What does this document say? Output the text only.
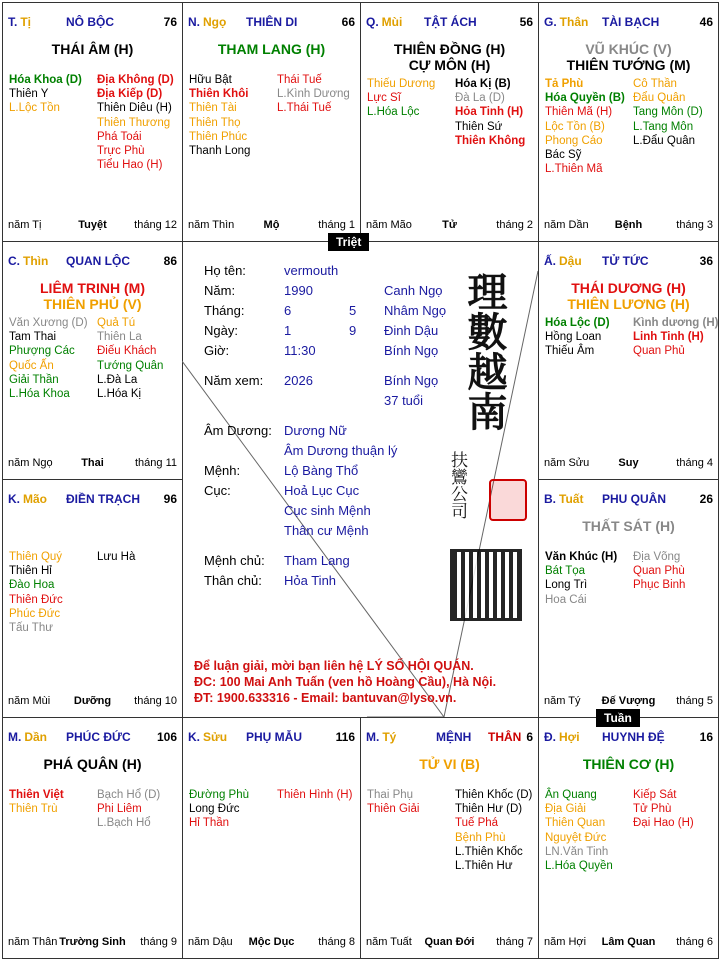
T. Tị	NÔ BỘC	76
THÁI ÂM (H)
Hóa Khoa (D)
Thiên Y
L.Lộc Tồn
Địa Không (D)
Địa Kiếp (D)
Thiên Diêu (H)
Thiên Thương
Phá Toái
Trực Phù
Tiểu Hao (H)
năm Tị	Tuyệt	tháng 12
N. Ngọ THIÊN DI	66
THAM LANG (H)
Hữu Bật
Thiên Khôi
Thiên Tài
Thiên Thọ
Thiên Phúc
Thanh Long
Thái Tuế
L.Kình Dương
L.Thái Tuế
năm Thìn	Mộ	tháng 1
Q. Mùi TẬT ÁCH	56
THIÊN ĐỒNG (H)
CỰ MÔN (H)
Thiếu Dương
Lực Sĩ
L.Hóa Lộc
Hóa Kị (B)
Đà La (D)
Hỏa Tinh (H)
Thiên Sứ
Thiên Không
năm Mão	Tử	tháng 2
G. Thân TÀI BẠCH	46
VŨ KHÚC (V)
THIÊN TƯỚNG (M)
Tả Phù
Hóa Quyền (B)
Thiên Mã (H)
Lộc Tồn (B)
Phong Cáo
Bác Sỹ
L.Thiên Mã
Cô Thần
Đẩu Quân
Tang Môn (D)
L.Tang Môn
L.Đẩu Quân
năm Dần	Bệnh	tháng 3
C. Thìn QUAN LỘC	86
LIÊM TRINH (M)
THIÊN PHỦ (V)
Văn Xương (D)
Tam Thai
Phượng Các
Quốc Ấn
Giải Thần
L.Hóa Khoa
Quả Tú
Thiên La
Điếu Khách
Tướng Quân
L.Đà La
L.Hóa Kị
năm Ngọ	Thai	tháng 11
Ấ. Dậu TỬ TỨC	36
THÁI DƯƠNG (H)
THIÊN LƯƠNG (H)
Hóa Lộc (D)
Hồng Loan
Thiếu Âm
Kình dương (H)
Linh Tinh (H)
Quan Phủ
năm Sửu	Suy	tháng 4
K. Mão ĐIỀN TRẠCH 96
Thiên Quý
Thiên Hỉ
Đào Hoa
Thiên Đức
Phúc Đức
Tấu Thư
Lưu Hà
năm Mùi	Dưỡng	tháng 10
B. Tuất PHU QUÂN	26
THẤT SÁT (H)
Văn Khúc (H)
Bát Tọa
Long Trì
Hoa Cái
Địa Võng
Quan Phù
Phục Binh
năm Tý	Đế Vượng	tháng 5
M. Dần PHÚC ĐỨC 106
PHÁ QUÂN (H)
Thiên Việt
Thiên Trù
Bạch Hổ (D)
Phi Liêm
L.Bạch Hổ
năm Thân Trường Sinh	tháng 9
K. Sửu PHỤ MẪU	116
Đường Phù
Long Đức
Hỉ Thần
Thiên Hình (H)
năm Dậu	Mộc Dục	tháng 8
THÂN
M. Tý	MỆNH	6
TỬ VI (B)
Thai Phụ
Thiên Giải
Thiên Khốc (D)
Thiên Hư (D)
Tuế Phá
Bệnh Phù
L.Thiên Khốc
L.Thiên Hư
năm Tuất	Quan Đới	tháng 7
Đ. Hợi HUYNH ĐỆ	16
THIÊN CƠ (H)
Ân Quang
Địa Giải
Thiên Quan
Nguyệt Đức
LN.Văn Tinh
L.Hóa Quyền
Kiếp Sát
Tử Phù
Đại Hao (H)
năm Hợi	Lâm Quan	tháng 6
Họ tên:	vermouth
Năm:	1990	Canh Ngọ
Tháng:	6	5 Nhâm Ngọ
Ngày:	1	9 Đinh Dậu
Giờ:	11:30	Bính Ngọ
Năm xem: 2026	Bính Ngọ
37 tuổi
Âm Dương: Dương Nữ
Âm Dương thuận lý
Mệnh:	Lộ Bàng Thổ
Cục:	Hoả Lục Cục
Cục sinh Mệnh
Thân cư Mệnh
Mệnh chủ: Tham Lang
Thân chủ: Hỏa Tinh
理數越南
扶鸞公司
Để luận giải, mời bạn liên hệ LÝ SỐ HỘI QUÁN.
ĐC: 100 Mai Anh Tuấn (ven hồ Hoàng Cầu), Hà Nội.
ĐT: 1900.633316 - Email: bantuvan@lyso.vn.
Triệt
Tuần
